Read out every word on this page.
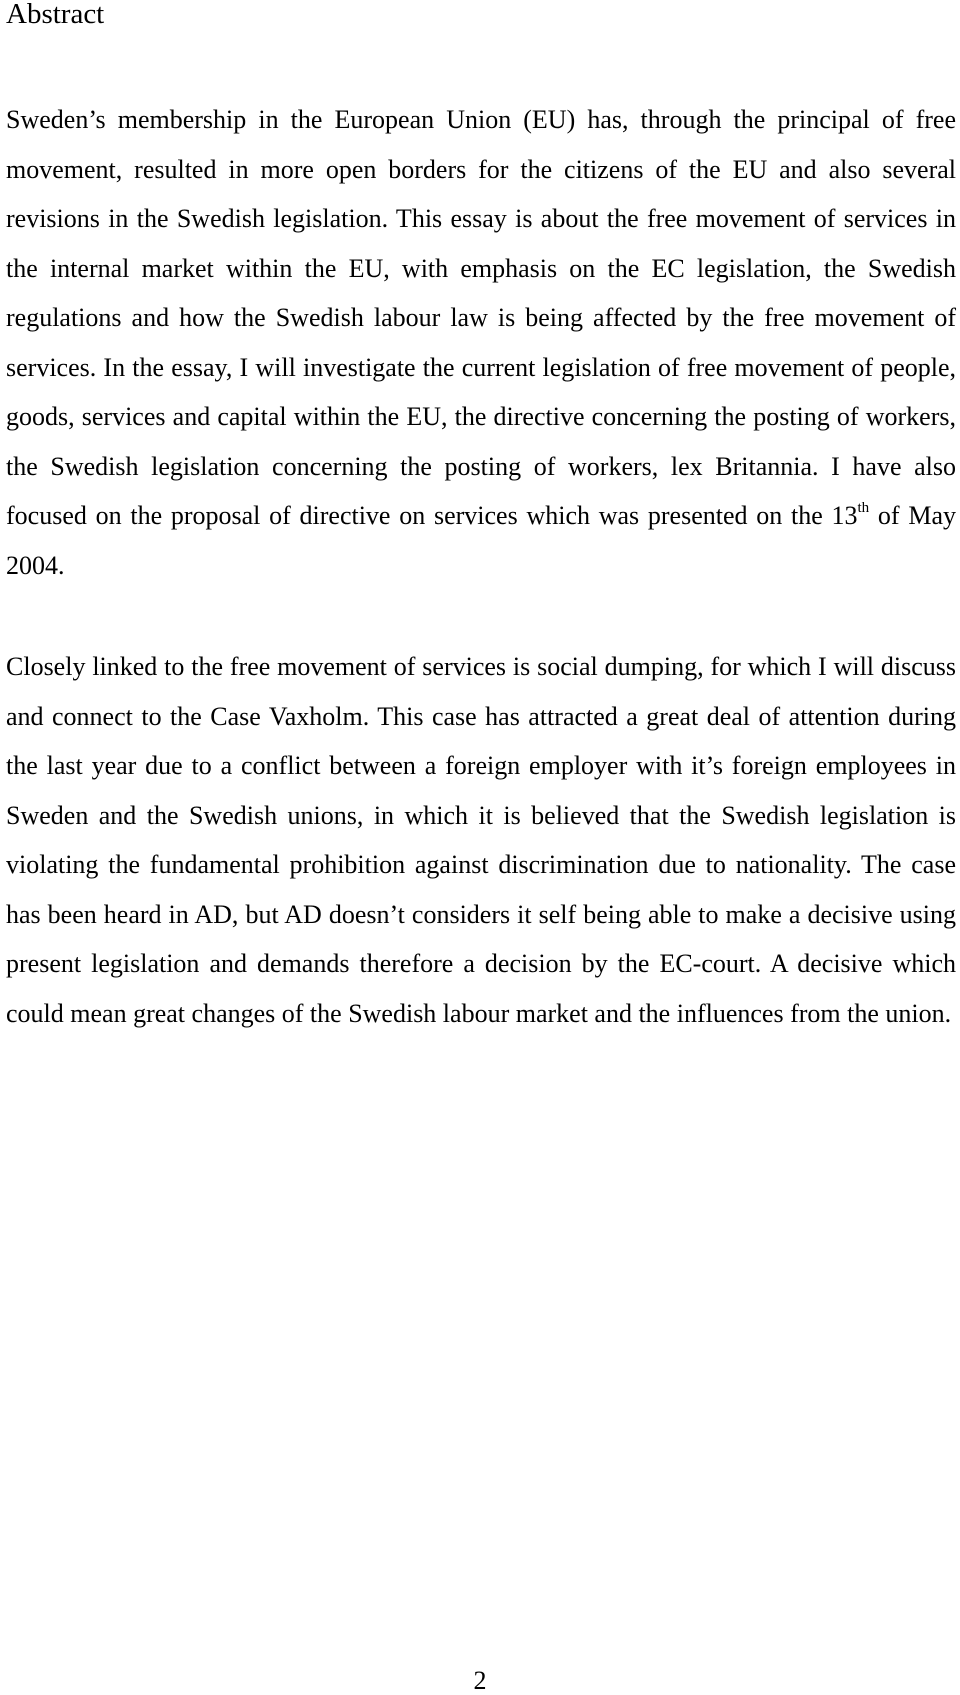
Abstract

Sweden’s membership in the European Union (EU) has, through the principal of free movement, resulted in more open borders for the citizens of the EU and also several revisions in the Swedish legislation. This essay is about the free movement of services in the internal market within the EU, with emphasis on the EC legislation, the Swedish regulations and how the Swedish labour law is being affected by the free movement of services. In the essay, I will investigate the current legislation of free movement of people, goods, services and capital within the EU, the directive concerning the posting of workers, the Swedish legislation concerning the posting of workers, lex Britannia. I have also focused on the proposal of directive on services which was presented on the 13th of May 2004.

Closely linked to the free movement of services is social dumping, for which I will discuss and connect to the Case Vaxholm. This case has attracted a great deal of attention during the last year due to a conflict between a foreign employer with it’s foreign employees in Sweden and the Swedish unions, in which it is believed that the Swedish legislation is violating the fundamental prohibition against discrimination due to nationality. The case has been heard in AD, but AD doesn’t considers it self being able to make a decisive using present legislation and demands therefore a decision by the EC-court. A decisive which could mean great changes of the Swedish labour market and the influences from the union.

2
